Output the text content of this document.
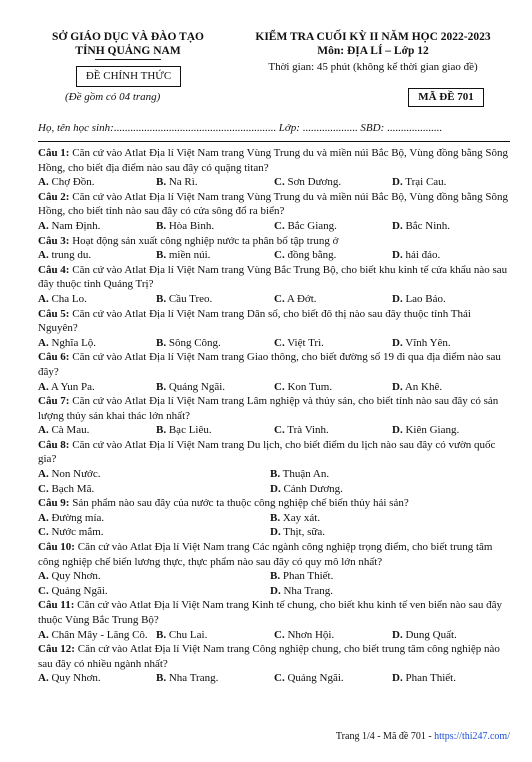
SỞ GIÁO DỤC VÀ ĐÀO TẠO
TỈNH QUẢNG NAM
ĐỀ CHÍNH THỨC
(Đề gồm có 04 trang)
KIỂM TRA CUỐI KỲ II NĂM HỌC 2022-2023
Môn: ĐỊA LÍ – Lớp 12
Thời gian: 45 phút (không kể thời gian giao đề)
MÃ ĐỀ 701
Họ, tên học sinh:........................................................... Lớp: .................... SBD: ....................
Câu 1: Căn cứ vào Atlat Địa lí Việt Nam trang Vùng Trung du và miền núi Bắc Bộ, Vùng đồng bằng Sông Hồng, cho biết địa điểm nào sau đây có quặng titan?
A. Chợ Đồn.	B. Na Rì.	C. Sơn Dương.	D. Trại Cau.
Câu 2: Căn cứ vào Atlat Địa lí Việt Nam trang Vùng Trung du và miền núi Bắc Bộ, Vùng đồng bằng Sông Hồng, cho biết tỉnh nào sau đây có cửa sông đổ ra biển?
A. Nam Định.	B. Hòa Bình.	C. Bắc Giang.	D. Bắc Ninh.
Câu 3: Hoạt động sản xuất công nghiệp nước ta phân bố tập trung ở
A. trung du.	B. miền núi.	C. đồng bằng.	D. hải đảo.
Câu 4: Căn cứ vào Atlat Địa lí Việt Nam trang Vùng Bắc Trung Bộ, cho biết khu kinh tế cửa khẩu nào sau đây thuộc tỉnh Quảng Trị?
A. Cha Lo.	B. Cầu Treo.	C. A Đớt.	D. Lao Bảo.
Câu 5: Căn cứ vào Atlat Địa lí Việt Nam trang Dân số, cho biết đô thị nào sau đây thuộc tỉnh Thái Nguyên?
A. Nghĩa Lộ.	B. Sông Công.	C. Việt Trì.	D. Vĩnh Yên.
Câu 6: Căn cứ vào Atlat Địa lí Việt Nam trang Giao thông, cho biết đường số 19 đi qua địa điểm nào sau đây?
A. A Yun Pa.	B. Quảng Ngãi.	C. Kon Tum.	D. An Khê.
Câu 7: Căn cứ vào Atlat Địa lí Việt Nam trang Lâm nghiệp và thủy sản, cho biết tỉnh nào sau đây có sản lượng thủy sản khai thác lớn nhất?
A. Cà Mau.	B. Bạc Liêu.	C. Trà Vinh.	D. Kiên Giang.
Câu 8: Căn cứ vào Atlat Địa lí Việt Nam trang Du lịch, cho biết điểm du lịch nào sau đây có vườn quốc gia?
A. Non Nước.	B. Thuận An.
C. Bạch Mã.	D. Cảnh Dương.
Câu 9: Sản phẩm nào sau đây của nước ta thuộc công nghiệp chế biến thủy hải sản?
A. Đường mía.	B. Xay xát.
C. Nước mắm.	D. Thịt, sữa.
Câu 10: Căn cứ vào Atlat Địa lí Việt Nam trang Các ngành công nghiệp trọng điểm, cho biết trung tâm công nghiệp chế biến lương thực, thực phẩm nào sau đây có quy mô lớn nhất?
A. Quy Nhơn.	B. Phan Thiết.
C. Quảng Ngãi.	D. Nha Trang.
Câu 11: Căn cứ vào Atlat Địa lí Việt Nam trang Kinh tế chung, cho biết khu kinh tế ven biển nào sau đây thuộc Vùng Bắc Trung Bộ?
A. Chân Mây - Lăng Cô. B. Chu Lai.	C. Nhơn Hội.	D. Dung Quất.
Câu 12: Căn cứ vào Atlat Địa lí Việt Nam trang Công nghiệp chung, cho biết trung tâm công nghiệp nào sau đây có nhiều ngành nhất?
A. Quy Nhơn.	B. Nha Trang.	C. Quảng Ngãi.	D. Phan Thiết.
Trang 1/4 - Mã đề 701 - https://thi247.com/
